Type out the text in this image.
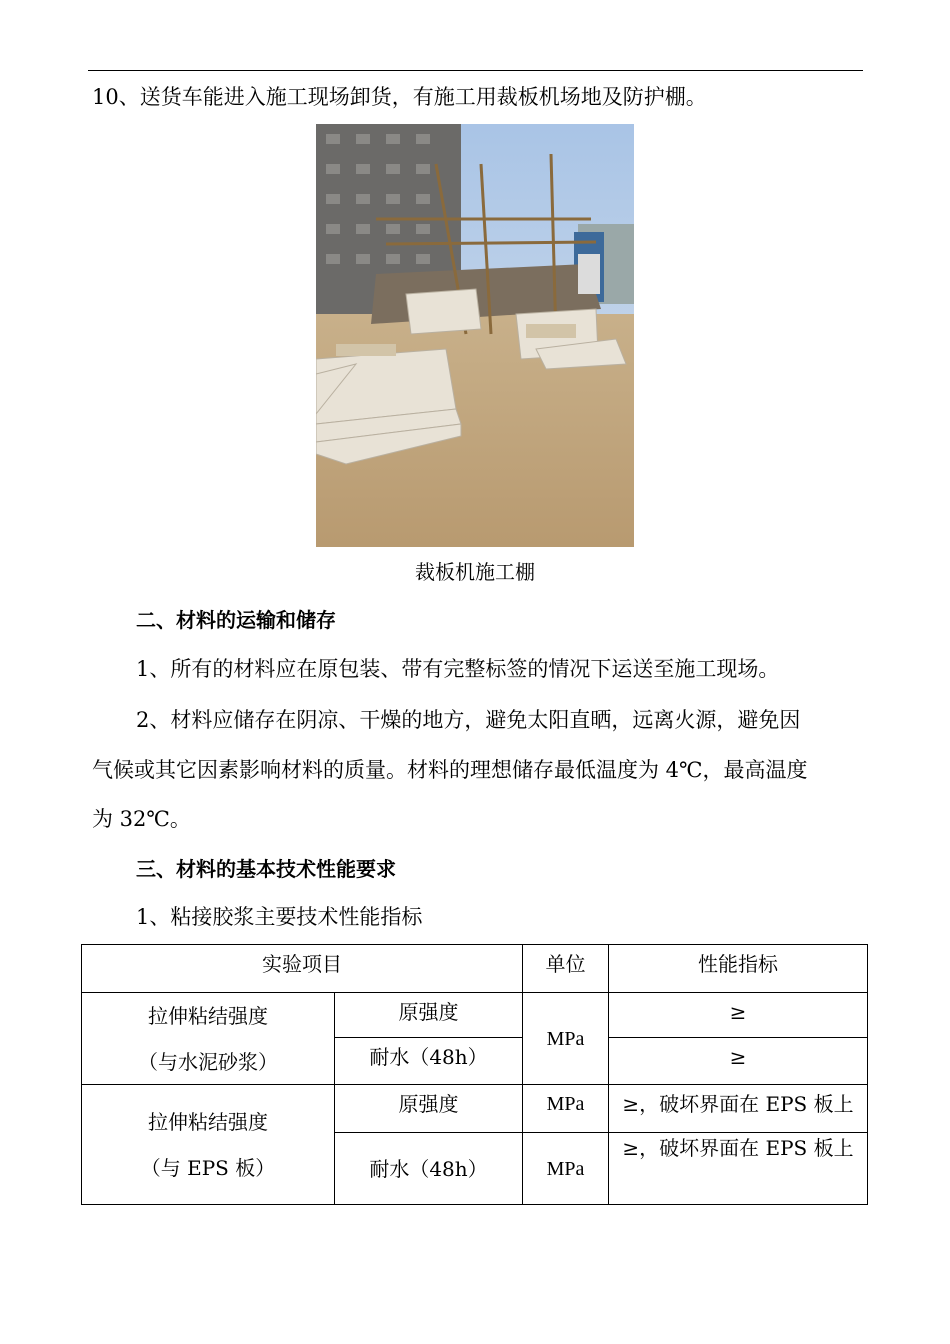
10、送货车能进入施工现场卸货，有施工用裁板机场地及防护棚。
裁板机施工棚
二、材料的运输和储存
1、所有的材料应在原包装、带有完整标签的情况下运送至施工现场。
2、材料应储存在阴凉、干燥的地方，避免太阳直晒，远离火源，避免因
气候或其它因素影响材料的质量。材料的理想储存最低温度为 4℃，最高温度
为 32℃。
三、材料的基本技术性能要求
1、粘接胶浆主要技术性能指标
实验项目		单位	性能指标

拉伸粘结强度
（与水泥砂浆）	原强度	MPa	≥

	耐水（48h）		≥

拉伸粘结强度
（与 EPS 板）	原强度	MPa	≥，破坏界面在 EPS 板上

	耐水（48h）	MPa	≥，破坏界面在 EPS 板上
